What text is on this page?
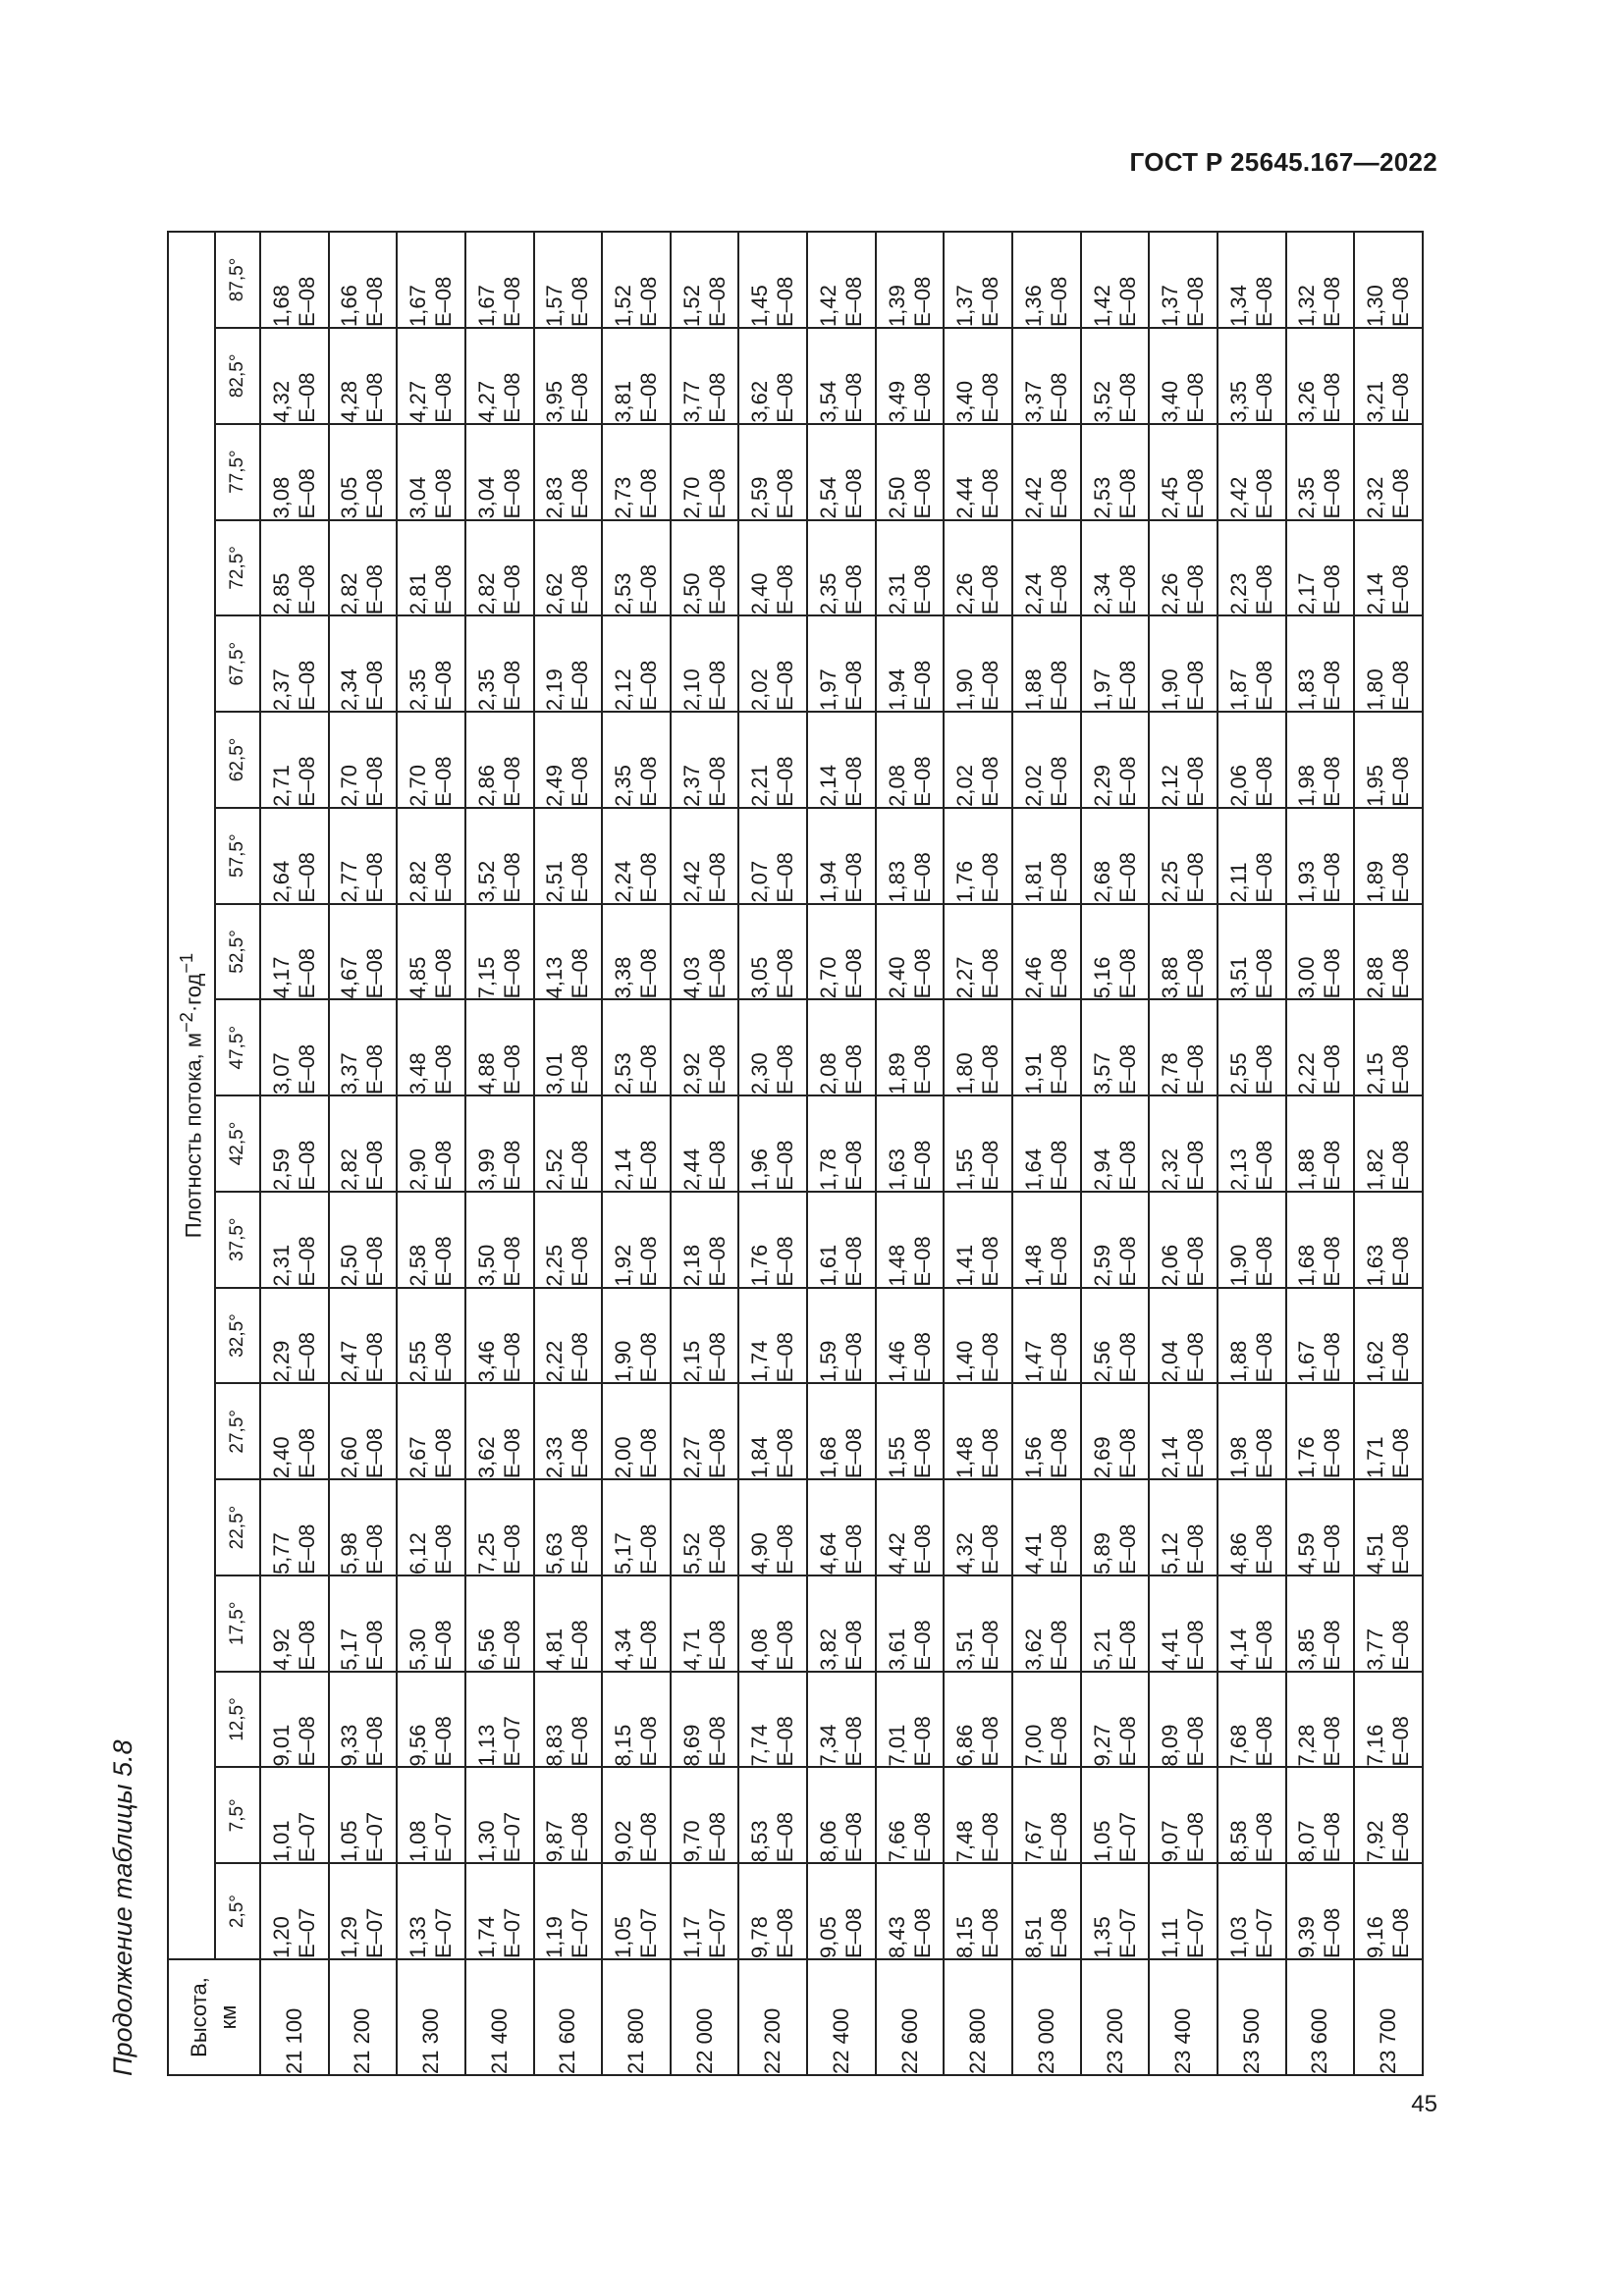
ГОСТ Р 25645.167—2022
Продолжение таблицы 5.8 Высота, км	Плотность потока, $м^{-2}\cdot год^{-1}$
	2,5°	7,5°	12,5°	17,5°	22,5°	27,5°	32,5°	37,5°	42,5°	47,5°	52,5°	57,5°	62,5°	67,5°	72,5°	77,5°	82,5°	87,5°
21 100	1,20 E–07	1,01 E–07	9,01 E–08	4,92 E–08	5,77 E–08	2,40 E–08	2,29 E–08	2,31 E–08	2,59 E–08	3,07 E–08	4,17 E–08	2,64 E–08	2,71 E–08	2,37 E–08	2,85 E–08	3,08 E–08	4,32 E–08	1,68 E–08

21 200	1,29 E–07	1,05 E–07	9,33 E–08	5,17 E–08	5,98 E–08	2,60 E–08	2,47 E–08	2,50 E–08	2,82 E–08	3,37 E–08	4,67 E–08	2,77 E–08	2,70 E–08	2,34 E–08	2,82 E–08	3,05 E–08	4,28 E–08	1,66 E–08

21 300	1,33 E–07	1,08 E–07	9,56 E–08	5,30 E–08	6,12 E–08	2,67 E–08	2,55 E–08	2,58 E–08	2,90 E–08	3,48 E–08	4,85 E–08	2,82 E–08	2,70 E–08	2,35 E–08	2,81 E–08	3,04 E–08	4,27 E–08	1,67 E–08

21 400	1,74 E–07	1,30 E–07	1,13 E–07	6,56 E–08	7,25 E–08	3,62 E–08	3,46 E–08	3,50 E–08	3,99 E–08	4,88 E–08	7,15 E–08	3,52 E–08	2,86 E–08	2,35 E–08	2,82 E–08	3,04 E–08	4,27 E–08	1,67 E–08

21 600	1,19 E–07	9,87 E–08	8,83 E–08	4,81 E–08	5,63 E–08	2,33 E–08	2,22 E–08	2,25 E–08	2,52 E–08	3,01 E–08	4,13 E–08	2,51 E–08	2,49 E–08	2,19 E–08	2,62 E–08	2,83 E–08	3,95 E–08	1,57 E–08

21 800	1,05 E–07	9,02 E–08	8,15 E–08	4,34 E–08	5,17 E–08	2,00 E–08	1,90 E–08	1,92 E–08	2,14 E–08	2,53 E–08	3,38 E–08	2,24 E–08	2,35 E–08	2,12 E–08	2,53 E–08	2,73 E–08	3,81 E–08	1,52 E–08

22 000	1,17 E–07	9,70 E–08	8,69 E–08	4,71 E–08	5,52 E–08	2,27 E–08	2,15 E–08	2,18 E–08	2,44 E–08	2,92 E–08	4,03 E–08	2,42 E–08	2,37 E–08	2,10 E–08	2,50 E–08	2,70 E–08	3,77 E–08	1,52 E–08

22 200	9,78 E–08	8,53 E–08	7,74 E–08	4,08 E–08	4,90 E–08	1,84 E–08	1,74 E–08	1,76 E–08	1,96 E–08	2,30 E–08	3,05 E–08	2,07 E–08	2,21 E–08	2,02 E–08	2,40 E–08	2,59 E–08	3,62 E–08	1,45 E–08

22 400	9,05 E–08	8,06 E–08	7,34 E–08	3,82 E–08	4,64 E–08	1,68 E–08	1,59 E–08	1,61 E–08	1,78 E–08	2,08 E–08	2,70 E–08	1,94 E–08	2,14 E–08	1,97 E–08	2,35 E–08	2,54 E–08	3,54 E–08	1,42 E–08

22 600	8,43 E–08	7,66 E–08	7,01 E–08	3,61 E–08	4,42 E–08	1,55 E–08	1,46 E–08	1,48 E–08	1,63 E–08	1,89 E–08	2,40 E–08	1,83 E–08	2,08 E–08	1,94 E–08	2,31 E–08	2,50 E–08	3,49 E–08	1,39 E–08

22 800	8,15 E–08	7,48 E–08	6,86 E–08	3,51 E–08	4,32 E–08	1,48 E–08	1,40 E–08	1,41 E–08	1,55 E–08	1,80 E–08	2,27 E–08	1,76 E–08	2,02 E–08	1,90 E–08	2,26 E–08	2,44 E–08	3,40 E–08	1,37 E–08

23 000	8,51 E–08	7,67 E–08	7,00 E–08	3,62 E–08	4,41 E–08	1,56 E–08	1,47 E–08	1,48 E–08	1,64 E–08	1,91 E–08	2,46 E–08	1,81 E–08	2,02 E–08	1,88 E–08	2,24 E–08	2,42 E–08	3,37 E–08	1,36 E–08

23 200	1,35 E–07	1,05 E–07	9,27 E–08	5,21 E–08	5,89 E–08	2,69 E–08	2,56 E–08	2,59 E–08	2,94 E–08	3,57 E–08	5,16 E–08	2,68 E–08	2,29 E–08	1,97 E–08	2,34 E–08	2,53 E–08	3,52 E–08	1,42 E–08

23 400	1,11 E–07	9,07 E–08	8,09 E–08	4,41 E–08	5,12 E–08	2,14 E–08	2,04 E–08	2,06 E–08	2,32 E–08	2,78 E–08	3,88 E–08	2,25 E–08	2,12 E–08	1,90 E–08	2,26 E–08	2,45 E–08	3,40 E–08	1,37 E–08

23 500	1,03 E–07	8,58 E–08	7,68 E–08	4,14 E–08	4,86 E–08	1,98 E–08	1,88 E–08	1,90 E–08	2,13 E–08	2,55 E–08	3,51 E–08	2,11 E–08	2,06 E–08	1,87 E–08	2,23 E–08	2,42 E–08	3,35 E–08	1,34 E–08

23 600	9,39 E–08	8,07 E–08	7,28 E–08	3,85 E–08	4,59 E–08	1,76 E–08	1,67 E–08	1,68 E–08	1,88 E–08	2,22 E–08	3,00 E–08	1,93 E–08	1,98 E–08	1,83 E–08	2,17 E–08	2,35 E–08	3,26 E–08	1,32 E–08

23 700	9,16 E–08	7,92 E–08	7,16 E–08	3,77 E–08	4,51 E–08	1,71 E–08	1,62 E–08	1,63 E–08	1,82 E–08	2,15 E–08	2,88 E–08	1,89 E–08	1,95 E–08	1,80 E–08	2,14 E–08	2,32 E–08	3,21 E–08	1,30 E–08
45
